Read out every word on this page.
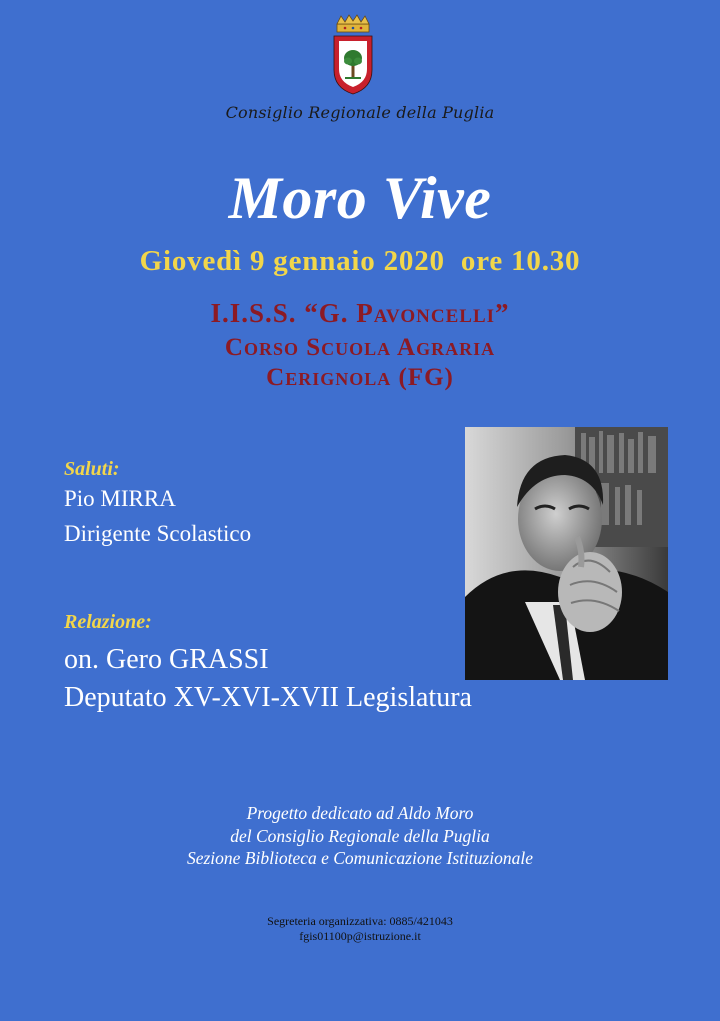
Consiglio Regionale della Puglia
Moro Vive
Giovedì 9 gennaio 2020  ore 10.30
I.I.S.S. “G. Pavoncelli”
Corso Scuola Agraria
Cerignola (FG)
Saluti:
Pio MIRRA
Dirigente Scolastico
Relazione:
on. Gero GRASSI
Deputato XV-XVI-XVII Legislatura
Progetto dedicato ad Aldo Moro
del Consiglio Regionale della Puglia
Sezione Biblioteca e Comunicazione Istituzionale
Segreteria organizzativa: 0885/421043
fgis01100p@istruzione.it
